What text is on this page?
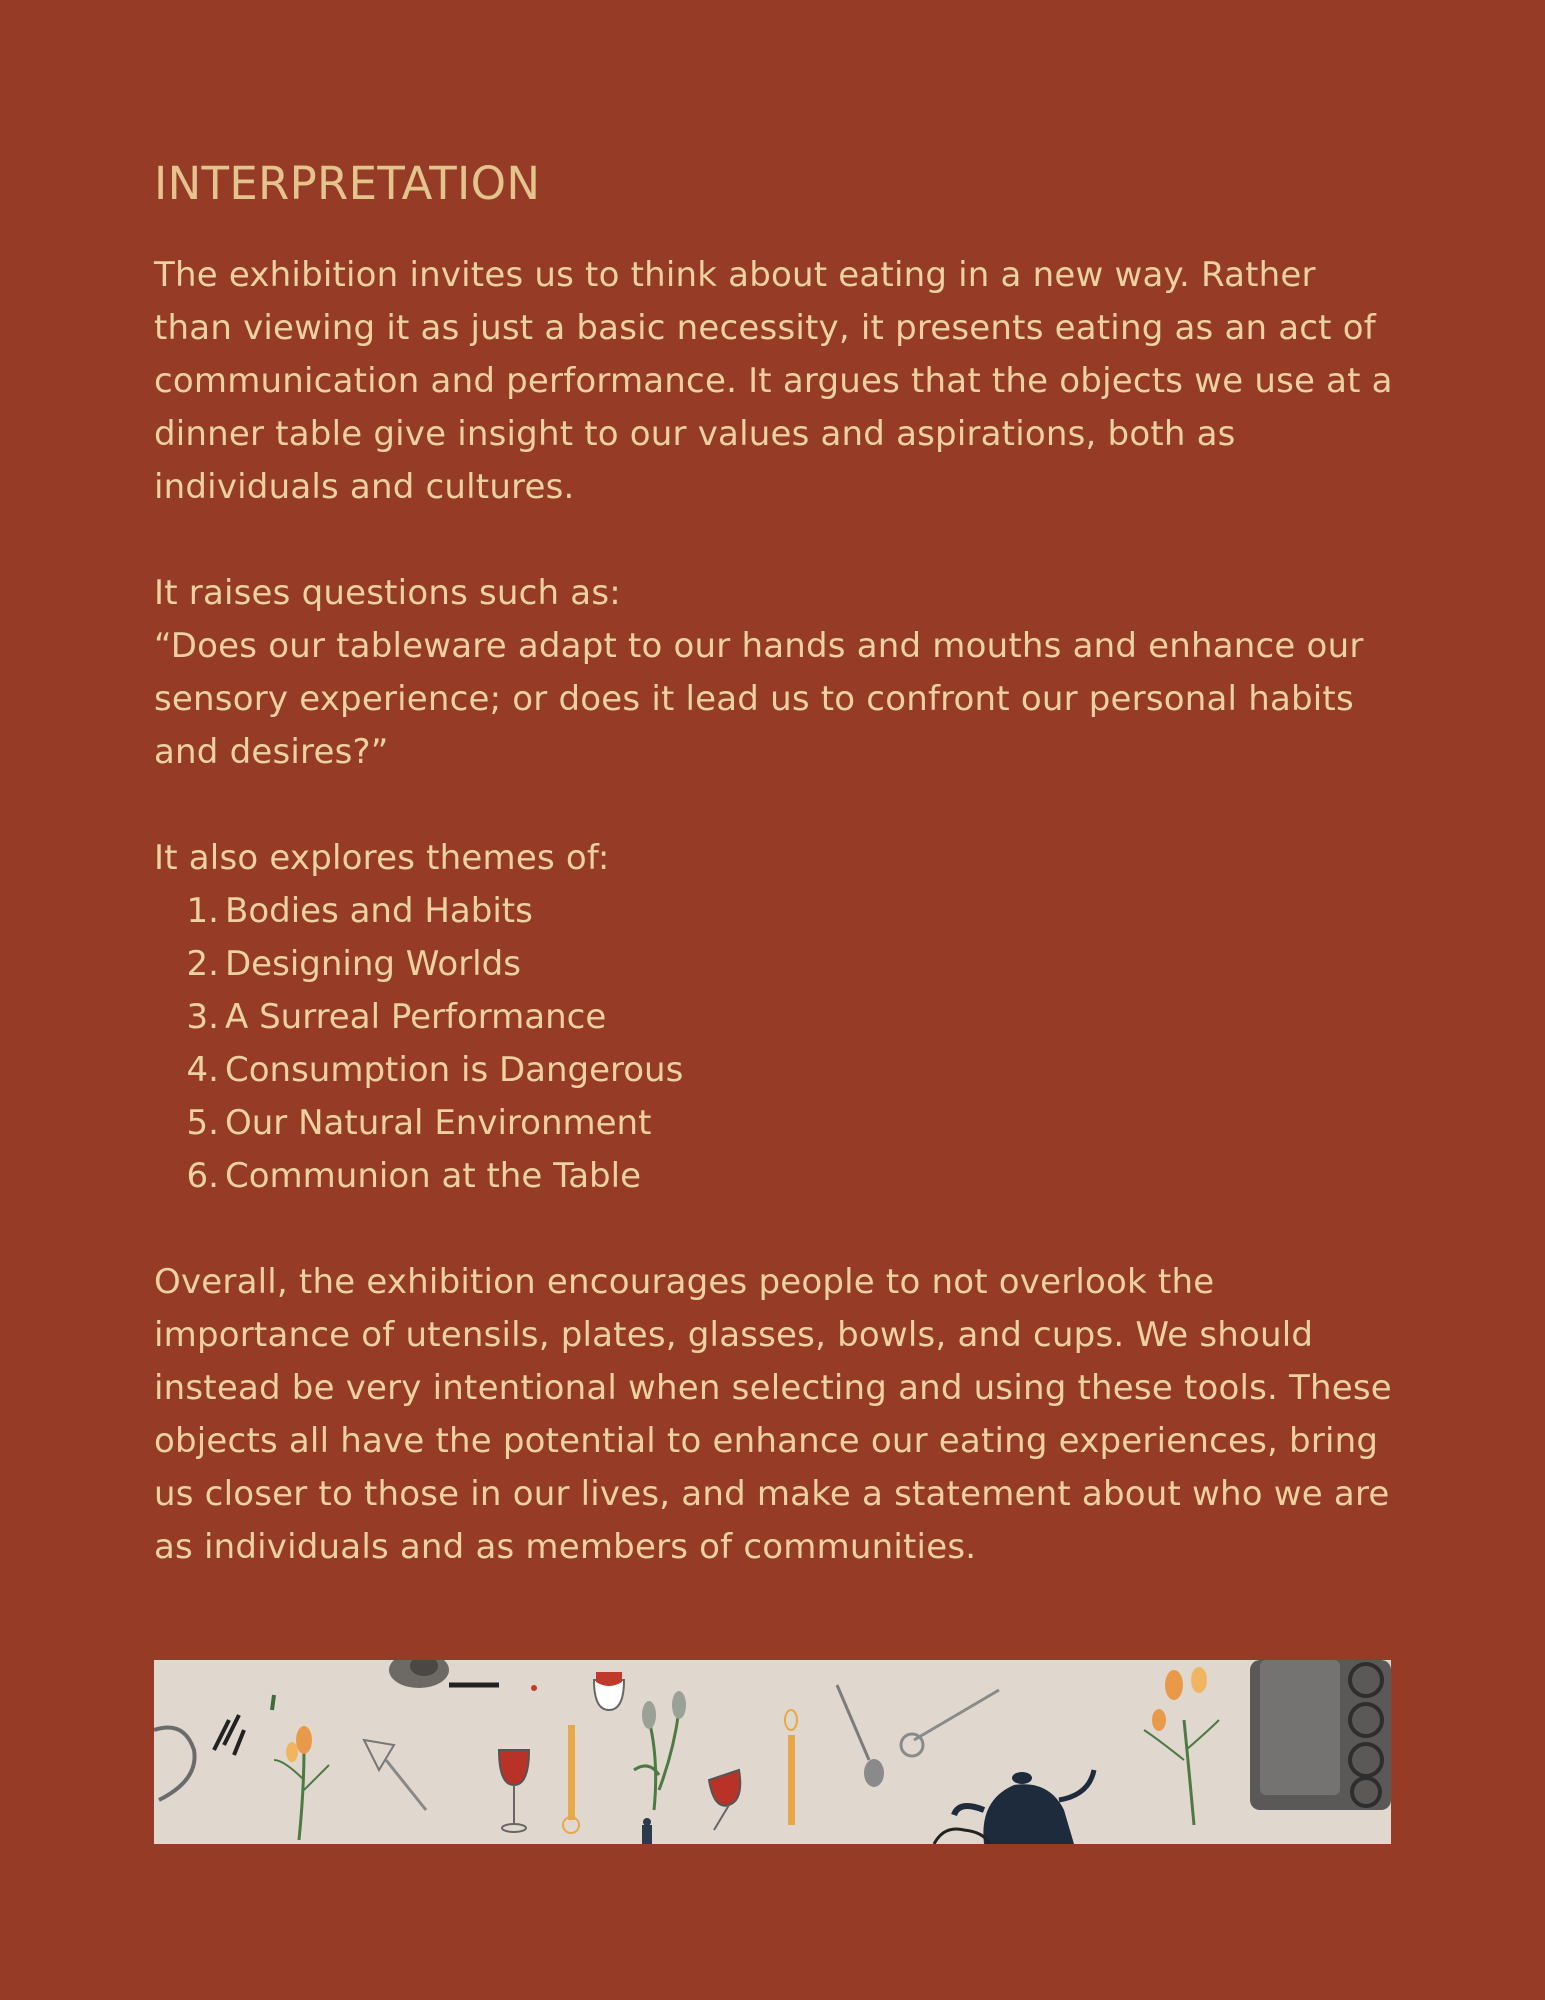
INTERPRETATION

The exhibition invites us to think about eating in a new way. Rather than viewing it as just a basic necessity, it presents eating as an act of communication and performance. It argues that the objects we use at a dinner table give insight to our values and aspirations, both as individuals and cultures.

It raises questions such as:

“Does our tableware adapt to our hands and mouths and enhance our sensory experience; or does it lead us to confront our personal habits and desires?”

It also explores themes of:

1. Bodies and Habits
2. Designing Worlds
3. A Surreal Performance
4. Consumption is Dangerous
5. Our Natural Environment
6. Communion at the Table

Overall, the exhibition encourages people to not overlook the importance of utensils, plates, glasses, bowls, and cups. We should instead be very intentional when selecting and using these tools. These objects all have the potential to enhance our eating experiences, bring us closer to those in our lives, and make a statement about who we are as individuals and as members of communities.
